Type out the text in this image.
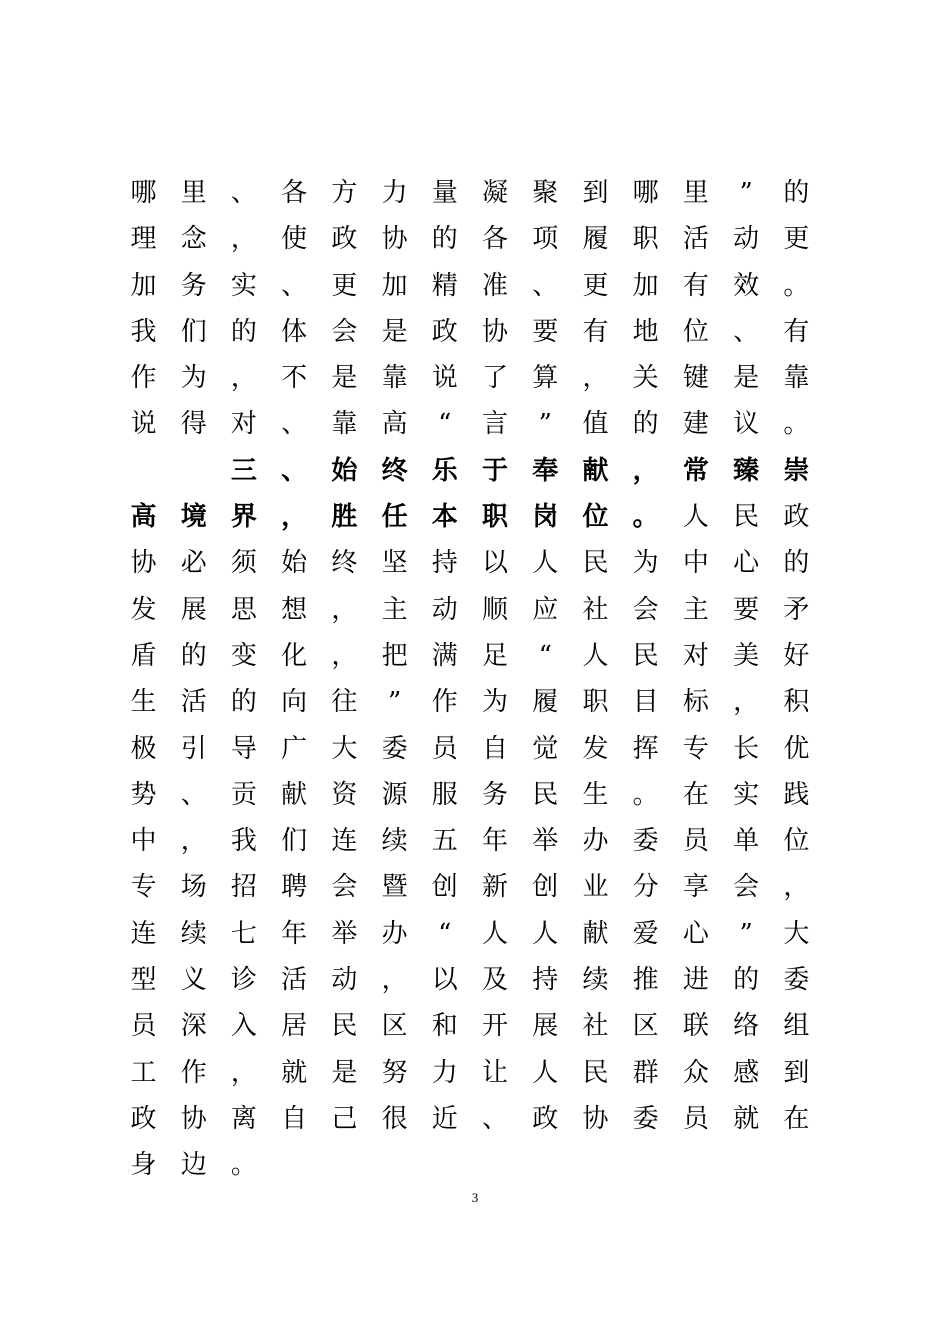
哪 里 、 各 方 力 量 凝 聚 到 哪 里 ” 的
理 念 ， 使 政 协 的 各 项 履 职 活 动 更
加 务 实 、 更 加 精 准 、 更 加 有 效 。
我 们 的 体 会 是 政 协 要 有 地 位 、 有
作 为 ， 不 是 靠 说 了 算 ， 关 键 是 靠
说 得 对 、 靠 高 “ 言 ” 值 的 建 议 。
三 、 始 终 乐 于 奉 献 ， 常 臻 崇
高 境 界 ， 胜 任 本 职 岗 位 。 人 民 政
协 必 须 始 终 坚 持 以 人 民 为 中 心 的
发 展 思 想 ， 主 动 顺 应 社 会 主 要 矛
盾 的 变 化 ， 把 满 足 “ 人 民 对 美 好
生 活 的 向 往 ” 作 为 履 职 目 标 ， 积
极 引 导 广 大 委 员 自 觉 发 挥 专 长 优
势 、 贡 献 资 源 服 务 民 生 。 在 实 践
中 ， 我 们 连 续 五 年 举 办 委 员 单 位
专 场 招 聘 会 暨 创 新 创 业 分 享 会 ，
连 续 七 年 举 办 “ 人 人 献 爱 心 ” 大
型 义 诊 活 动 ， 以 及 持 续 推 进 的 委
员 深 入 居 民 区 和 开 展 社 区 联 络 组
工 作 ， 就 是 努 力 让 人 民 群 众 感 到
政 协 离 自 己 很 近 、 政 协 委 员 就 在
身 边 。
3
